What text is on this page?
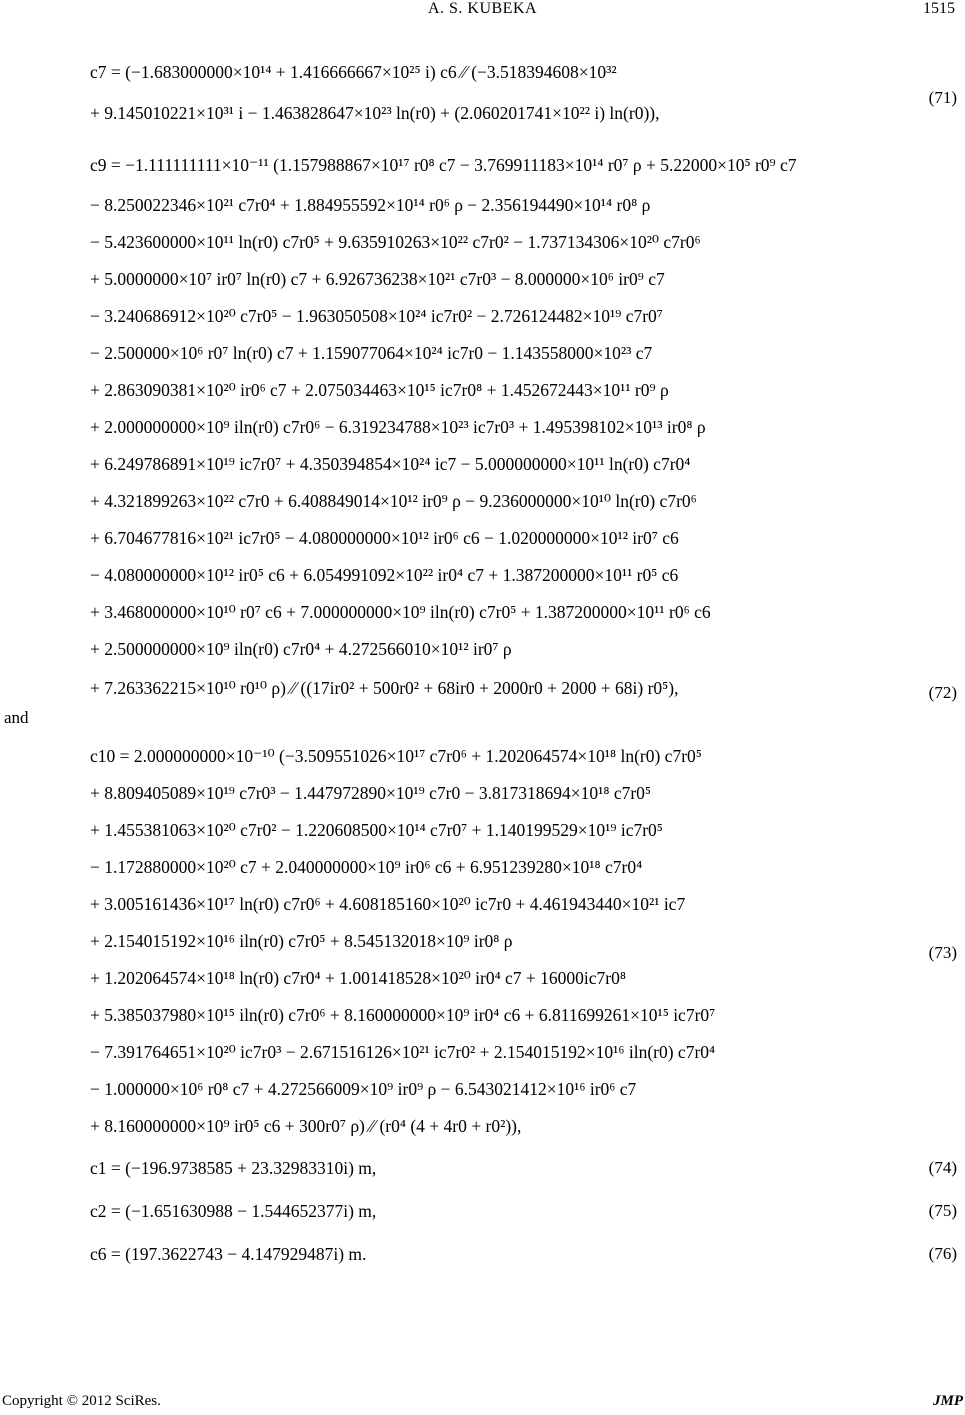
A. S. KUBEKA	1515
c7 = (−1.683000000×10¹⁴ + 1.416666667×10²⁵ i) c6 ⁄⁄ (−3.518394608×10³²
+ 9.145010221×10³¹ i − 1.463828647×10²³ ln(r0) + (2.060201741×10²² i) ln(r0)),
(71)
c9 = −1.111111111×10⁻¹¹ (1.157988867×10¹⁷ r0⁸ c7 − 3.769911183×10¹⁴ r0⁷ ρ + 5.22000×10⁵ r0⁹ c7
− 8.250022346×10²¹ c7r0⁴ + 1.884955592×10¹⁴ r0⁶ ρ − 2.356194490×10¹⁴ r0⁸ ρ
− 5.423600000×10¹¹ ln(r0) c7r0⁵ + 9.635910263×10²² c7r0² − 1.737134306×10²⁰ c7r0⁶
+ 5.0000000×10⁷ ir0⁷ ln(r0) c7 + 6.926736238×10²¹ c7r0³ − 8.000000×10⁶ ir0⁹ c7
− 3.240686912×10²⁰ c7r0⁵ − 1.963050508×10²⁴ ic7r0² − 2.726124482×10¹⁹ c7r0⁷
− 2.500000×10⁶ r0⁷ ln(r0) c7 + 1.159077064×10²⁴ ic7r0 − 1.143558000×10²³ c7
+ 2.863090381×10²⁰ ir0⁶ c7 + 2.075034463×10¹⁵ ic7r0⁸ + 1.452672443×10¹¹ r0⁹ ρ
+ 2.000000000×10⁹ iln(r0) c7r0⁶ − 6.319234788×10²³ ic7r0³ + 1.495398102×10¹³ ir0⁸ ρ
+ 6.249786891×10¹⁹ ic7r0⁷ + 4.350394854×10²⁴ ic7 − 5.000000000×10¹¹ ln(r0) c7r0⁴
+ 4.321899263×10²² c7r0 + 6.408849014×10¹² ir0⁹ ρ − 9.236000000×10¹⁰ ln(r0) c7r0⁶
+ 6.704677816×10²¹ ic7r0⁵ − 4.080000000×10¹² ir0⁶ c6 − 1.020000000×10¹² ir0⁷ c6
− 4.080000000×10¹² ir0⁵ c6 + 6.054991092×10²² ir0⁴ c7 + 1.387200000×10¹¹ r0⁵ c6
+ 3.468000000×10¹⁰ r0⁷ c6 + 7.000000000×10⁹ iln(r0) c7r0⁵ + 1.387200000×10¹¹ r0⁶ c6
+ 2.500000000×10⁹ iln(r0) c7r0⁴ + 4.272566010×10¹² ir0⁷ ρ
+ 7.263362215×10¹⁰ r0¹⁰ ρ) ⁄⁄ ((17ir0² + 500r0² + 68ir0 + 2000r0 + 2000 + 68i) r0⁵),	(72)
and
c10 = 2.000000000×10⁻¹⁰ (−3.509551026×10¹⁷ c7r0⁶ + 1.202064574×10¹⁸ ln(r0) c7r0⁵
+ 8.809405089×10¹⁹ c7r0³ − 1.447972890×10¹⁹ c7r0 − 3.817318694×10¹⁸ c7r0⁵
+ 1.455381063×10²⁰ c7r0² − 1.220608500×10¹⁴ c7r0⁷ + 1.140199529×10¹⁹ ic7r0⁵
− 1.172880000×10²⁰ c7 + 2.040000000×10⁹ ir0⁶ c6 + 6.951239280×10¹⁸ c7r0⁴
+ 3.005161436×10¹⁷ ln(r0) c7r0⁶ + 4.608185160×10²⁰ ic7r0 + 4.461943440×10²¹ ic7
+ 2.154015192×10¹⁶ iln(r0) c7r0⁵ + 8.545132018×10⁹ ir0⁸ ρ
+ 1.202064574×10¹⁸ ln(r0) c7r0⁴ + 1.001418528×10²⁰ ir0⁴ c7 + 16000ic7r0⁸
+ 5.385037980×10¹⁵ iln(r0) c7r0⁶ + 8.160000000×10⁹ ir0⁴ c6 + 6.811699261×10¹⁵ ic7r0⁷
− 7.391764651×10²⁰ ic7r0³ − 2.671516126×10²¹ ic7r0² + 2.154015192×10¹⁶ iln(r0) c7r0⁴
− 1.000000×10⁶ r0⁸ c7 + 4.272566009×10⁹ ir0⁹ ρ − 6.543021412×10¹⁶ ir0⁶ c7
+ 8.160000000×10⁹ ir0⁵ c6 + 300r0⁷ ρ) ⁄⁄ (r0⁴ (4 + 4r0 + r0²)),
(73)
c1 = (−196.9738585 + 23.32983310i) m,	(74)
c2 = (−1.651630988 − 1.544652377i) m,	(75)
c6 = (197.3622743 − 4.147929487i) m.	(76)
Copyright © 2012 SciRes.	JMP
